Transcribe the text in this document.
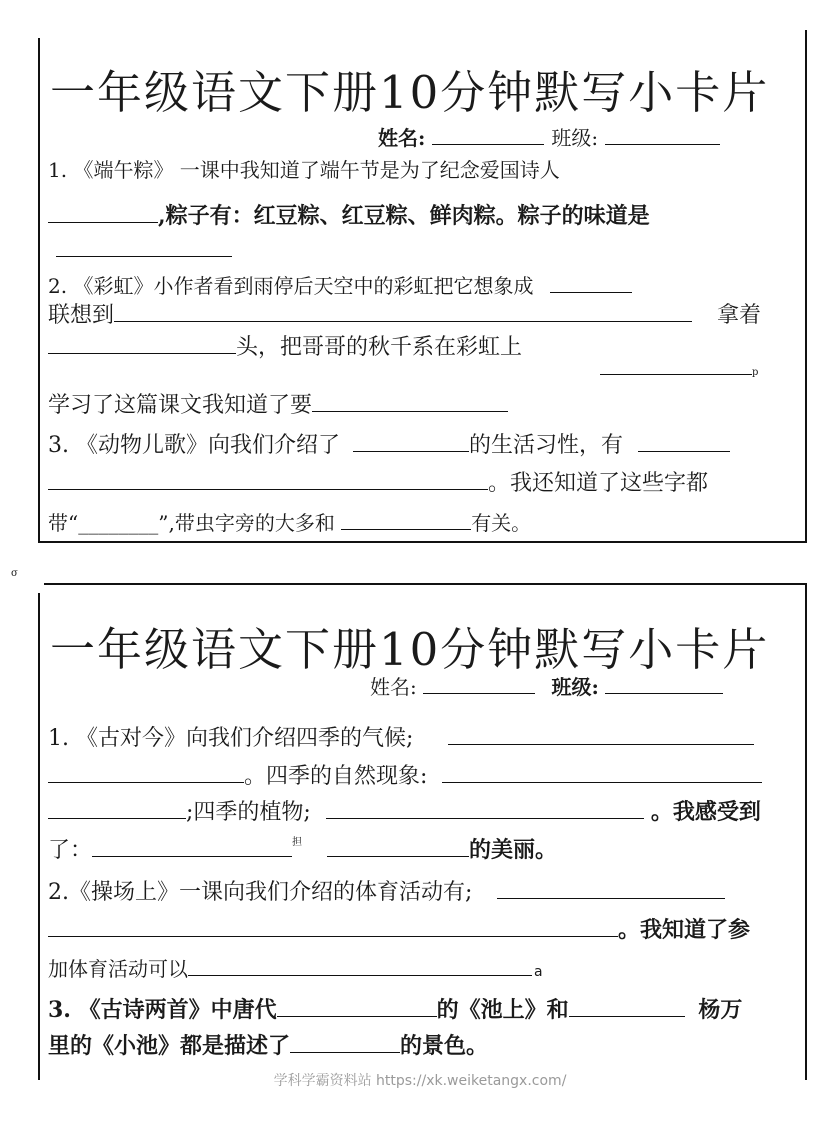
一年级语文下册10分钟默写小卡片
姓名:	班级:
1. 《端午粽》 一课中我知道了端午节是为了纪念爱国诗人
,粽子有：红豆粽、红豆粽、鲜肉粽。粽子的味道是
2. 《彩虹》小作者看到雨停后天空中的彩虹把它想象成
联想到	拿着
头，把哥哥的秋千系在彩虹上
p
学习了这篇课文我知道了要
3. 《动物儿歌》向我们介绍了	的生活习性，有
。我还知道了这些字都
带“________”,带虫字旁的大多和	有关。
σ
一年级语文下册10分钟默写小卡片
姓名:	班级:
1. 《古对今》向我们介绍四季的气候;
。四季的自然现象:
;四季的植物;	。我感受到
了：	$^担$	的美丽。
2.《操场上》一课向我们介绍的体育活动有;
。我知道了参
加体育活动可以	a
3. 《古诗两首》中唐代	的《池上》和	杨万
里的《小池》都是描述了	的景色。
学科学霸资料站 https://xk.weiketangx.com/
